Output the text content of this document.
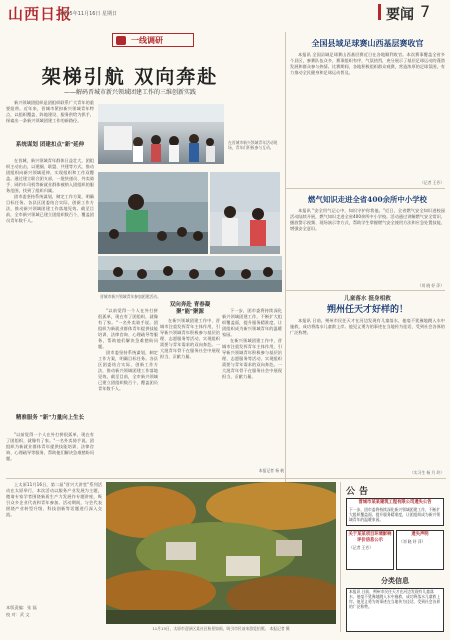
山西日报
2025年11月16日 星期日	要闻 7
一线调研
架梯引航 双向奔赴
——解码晋城市新兴领域团建工作的三维创新实践
新兴领域团组织是团组织联系广大青年的重要纽带。近年来，晋城市紧扣新兴领域青年特点，以组织覆盖、阵地建设、服务供给为抓手，探索出一条新兴领域团建工作的新路径。
系统谋划 团建扣点"新"延伸
在晋城，新兴领域青年群体日益壮大，团组织主动出击，以建圈、联盟、共建等方式，推动团组织向新兴领域延伸，实现组织和工作双覆盖。通过建立联合团支部，一批快递员、外卖骑手、网约车司机等新就业群体被纳入团组织的服务范围，找到了组织归属。
团市委坚持系统谋划，制定工作方案，明确目标任务。各县区团委结合实际，创新工作方法，推动新兴领域团建工作落地见效。截至目前，全市新兴领域已建立团组织数百个，覆盖团员青年数千人。
精准服务 "新"力量向上生长
"以前觉得一个人在外打拼很孤单，现在有了团组织，就像有了家。"一名外卖骑手说。团组织为新就业群体青年提供技能培训、法律咨询、心理疏导等服务，帮助他们解决急难愁盼问题。
在晋城市新兴领域青年活动现场，青年们积极参与互动。
晋城市新兴领域青年参加团建活动。
"以前觉得一个人在外打拼很孤单，现在有了团组织，就像有了家。"一名外卖骑手说。团组织为新就业群体青年提供技能培训、法律咨询、心理疏导等服务，帮助他们解决急难愁盼问题。
团市委坚持系统谋划，制定工作方案，明确目标任务。各县区团委结合实际，创新工作方法，推动新兴领域团建工作落地见效。截至目前，全市新兴领域已建立团组织数百个，覆盖团员青年数千人。
双向奔赴 青春凝聚"能"聚源
在新兴领域团建工作中，晋城市注重发挥青年主体作用，引导新兴领域青年积极参与基层治理、志愿服务等活动，实现组织需要与青年需求的双向奔赴。一大批青年骨干在服务社会中展现担当、贡献力量。
下一步，团市委将持续深化新兴领域团建工作，不断扩大组织覆盖面，提升服务精准度，让团组织成为新兴领域青年的温暖家园。
在新兴领域团建工作中，晋城市注重发挥青年主体作用，引导新兴领域青年积极参与基层治理、志愿服务等活动，实现组织需要与青年需求的双向奔赴。一大批青年骨干在服务社会中展现担当、贡献力量。
本报记者 杨 帆
全国县域足球赛山西基层赛收官
本报讯 全国县域足球赛山西基层赛近日在各地顺利收官。本次赛事覆盖全省多个县区，参赛队伍众多，赛事组织有序，气氛热烈，充分展示了基层足球运动的蓬勃发展和群众参与热情。比赛期间，各地积极组织群众观赛，营造浓厚的足球氛围，有力推动全民健身和足球运动普及。
（记者 王芳）
燃气知识走进全省400余所中小学校
本报讯 "安全用气记心中，知识守护你我他。"近日，全省燃气安全知识进校园活动陆续开展，燃气知识走进全省400余所中小学校。活动通过讲解燃气安全常识、播放警示视频、现场演示等方式，帮助学生掌握燃气安全使用方法和应急处置技能，增强安全意识。
（刘 晓 妤 萍）
儿童落水 挺身相救
朔州任天才好样的！
本报讯 日前，朔州市民任天才在河边发现有儿童落水，他毫不犹豫地跳入水中施救，成功将落水儿童救上岸。他见义勇为的事迹在当地传为佳话，受到社会各界的广泛称赞。
（实习生 杨 月 玲）
上太原11月16日，第二届"晋兴大讲堂"系列活动在太原举行，本次活动以服务产业发展为主题，邀请专家学者围绕新质生产力发展作专题讲座，吸引众多企业代表和青年参加。活动期间，与会代表围绕产业转型升级、科技创新等话题进行深入交流。
11月13日，太原市迎泽区某社区秋景如画，吸引市民前来游览拍照。 本报记者 摄
公告
晋城市某某建筑工程有限公司遗失公告
下一步，团市委将持续深化新兴领域团建工作，不断扩大组织覆盖面，提升服务精准度，让团组织成为新兴领域青年的温暖家园。
关于某某项目环境影响评价信息公示
（记者 王芳）
遗失声明
（刘 晓 妤 萍）
分类信息
本报讯 日前，朔州市民任天才在河边发现有儿童落水，他毫不犹豫地跳入水中施救，成功将落水儿童救上岸。他见义勇为的事迹在当地传为佳话，受到社会各界的广泛称赞。
本版责编：张 磊
校 对：武 文
